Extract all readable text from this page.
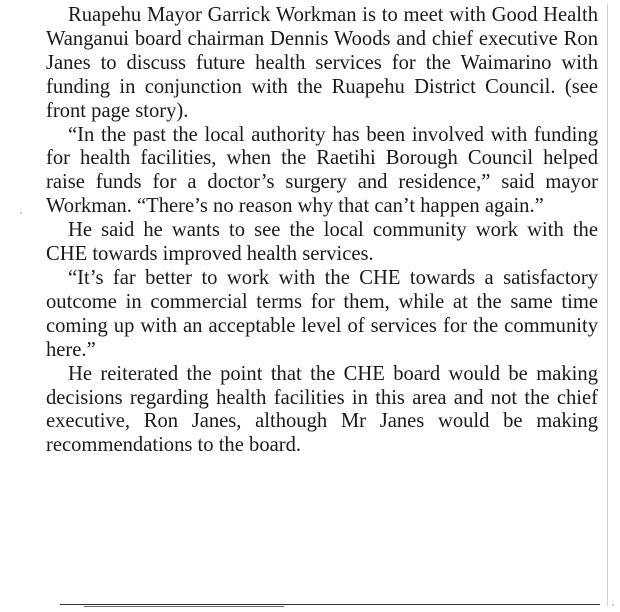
Ruapehu Mayor Garrick Workman is to meet with Good Health Wanganui board chairman Dennis Woods and chief executive Ron Janes to discuss future health services for the Waimarino with funding in conjunction with the Ruapehu District Council. (see front page story).

“In the past the local authority has been involved with funding for health facilities, when the Raetihi Borough Council helped raise funds for a doctor’s surgery and residence,” said mayor Workman. “There’s no reason why that can’t happen again.”

He said he wants to see the local community work with the CHE towards improved health services.

“It’s far better to work with the CHE towards a satisfactory outcome in commercial terms for them, while at the same time coming up with an acceptable level of services for the community here.”

He reiterated the point that the CHE board would be making decisions regarding health facilities in this area and not the chief executive, Ron Janes, although Mr Janes would be making recommendations to the board.
